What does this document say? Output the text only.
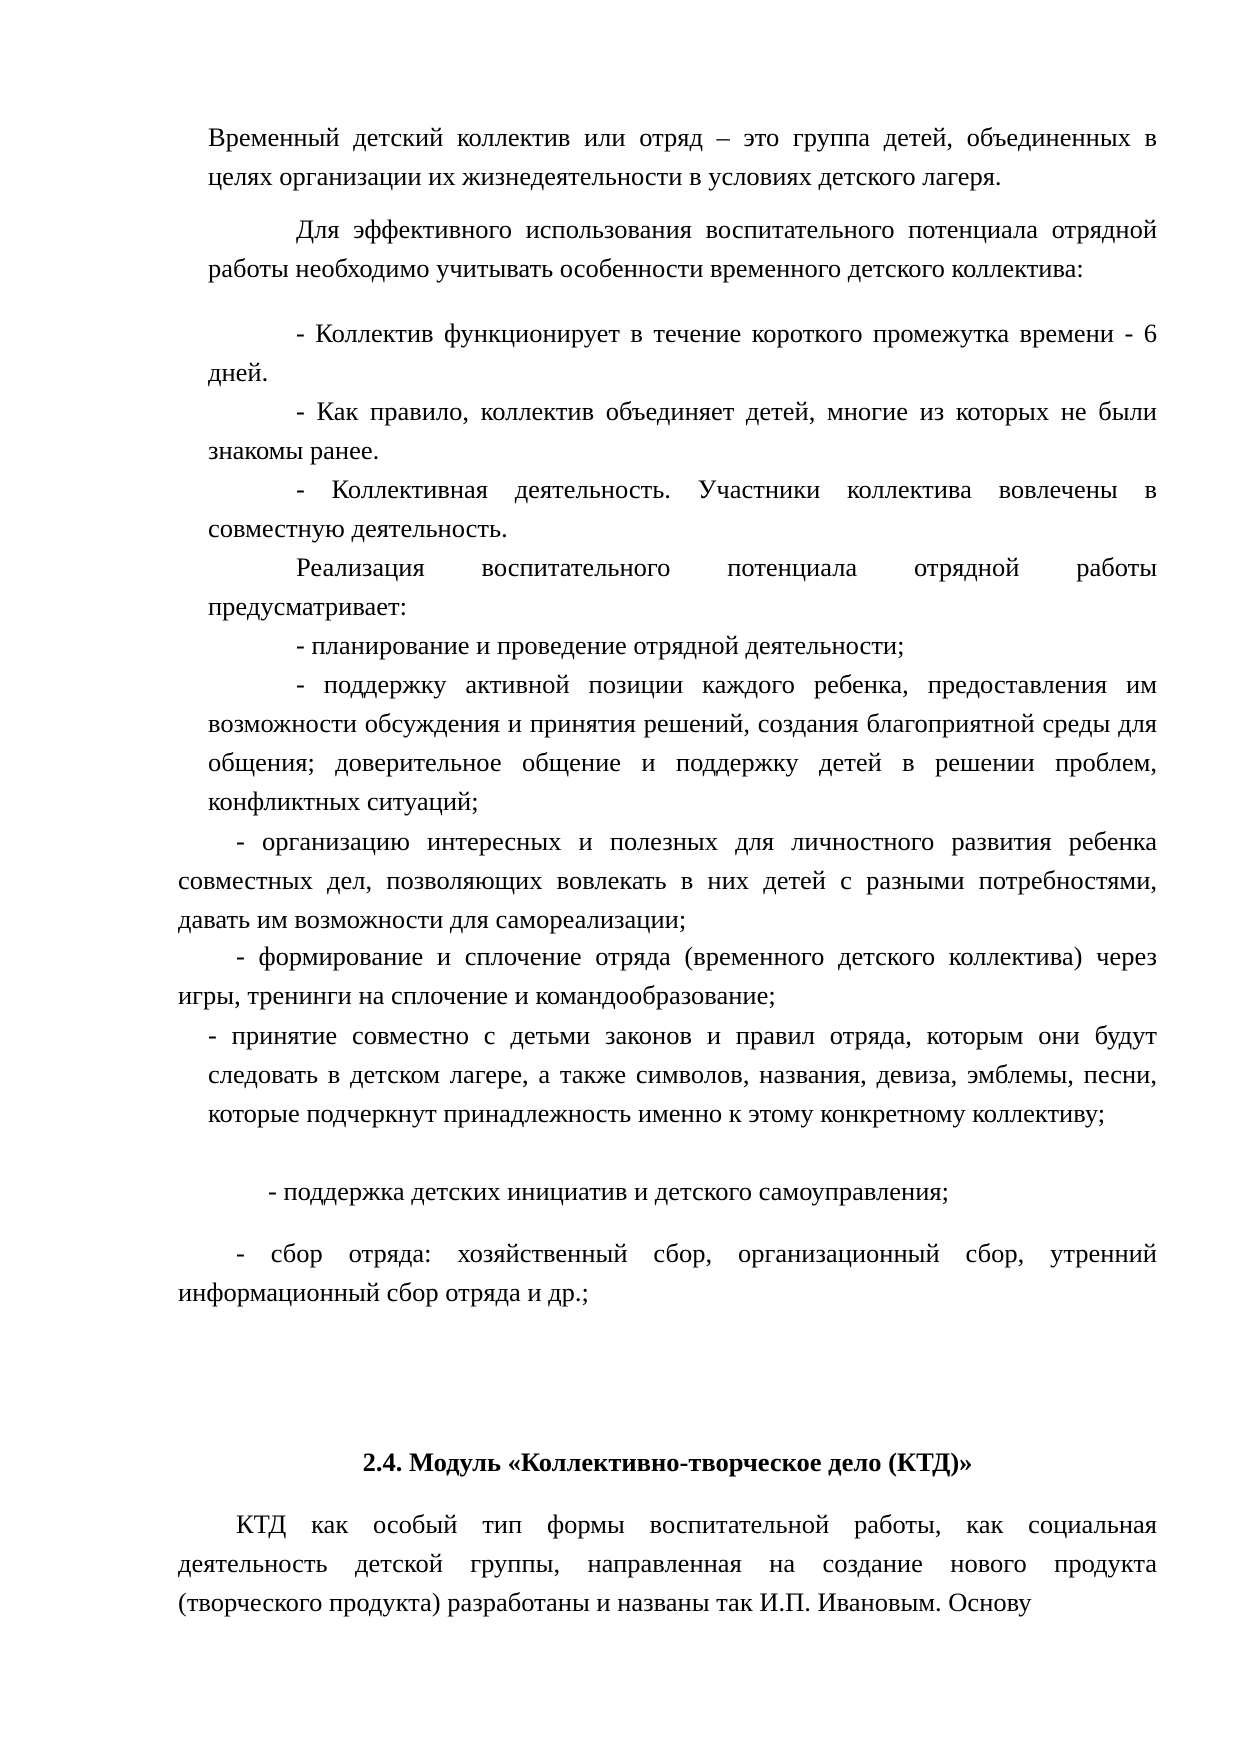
Временный детский коллектив или отряд – это группа детей, объединенных в целях организации их жизнедеятельности в условиях детского лагеря.

Для эффективного использования воспитательного потенциала отрядной работы необходимо учитывать особенности временного детского коллектива:

- Коллектив функционирует в течение короткого промежутка времени - 6 дней.

- Как правило, коллектив объединяет детей, многие из которых не были знакомы ранее.

- Коллективная деятельность. Участники коллектива вовлечены в совместную деятельность.

Реализация воспитательного потенциала отрядной работы предусматривает:

- планирование и проведение отрядной деятельности;

- поддержку активной позиции каждого ребенка, предоставления им возможности обсуждения и принятия решений, создания благоприятной среды для общения; доверительное общение и поддержку детей в решении проблем, конфликтных ситуаций;

- организацию интересных и полезных для личностного развития ребенка совместных дел, позволяющих вовлекать в них детей с разными потребностями, давать им возможности для самореализации;

- формирование и сплочение отряда (временного детского коллектива) через игры, тренинги на сплочение и командообразование;

- принятие совместно с детьми законов и правил отряда, которым они будут следовать в детском лагере, а также символов, названия, девиза, эмблемы, песни, которые подчеркнут принадлежность именно к этому конкретному коллективу;

- поддержка детских инициатив и детского самоуправления;

- сбор отряда: хозяйственный сбор, организационный сбор, утренний информационный сбор отряда и др.;

2.4. Модуль «Коллективно-творческое дело (КТД)»

КТД как особый тип формы воспитательной работы, как социальная деятельность детской группы, направленная на создание нового продукта (творческого продукта) разработаны и названы так И.П. Ивановым. Основу
